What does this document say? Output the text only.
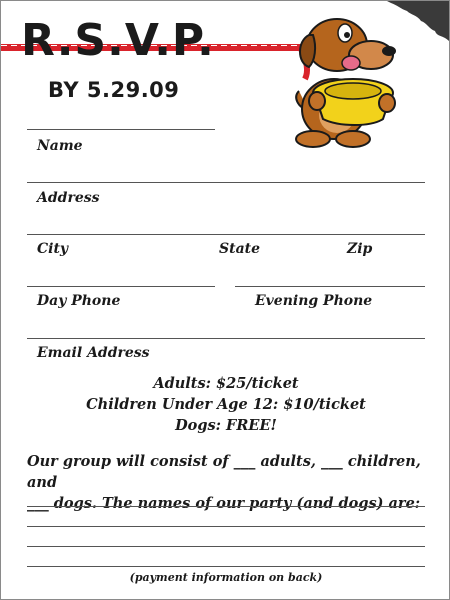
R.S.V.P.
BY 5.29.09
Name
Address
City	State	Zip
Day Phone	Evening Phone
Email Address
Adults: $25/ticket
Children Under Age 12: $10/ticket
Dogs: FREE!
Our group will consist of ___ adults, ___ children, and
___ dogs. The names of our party (and dogs) are:
(payment information on back)
